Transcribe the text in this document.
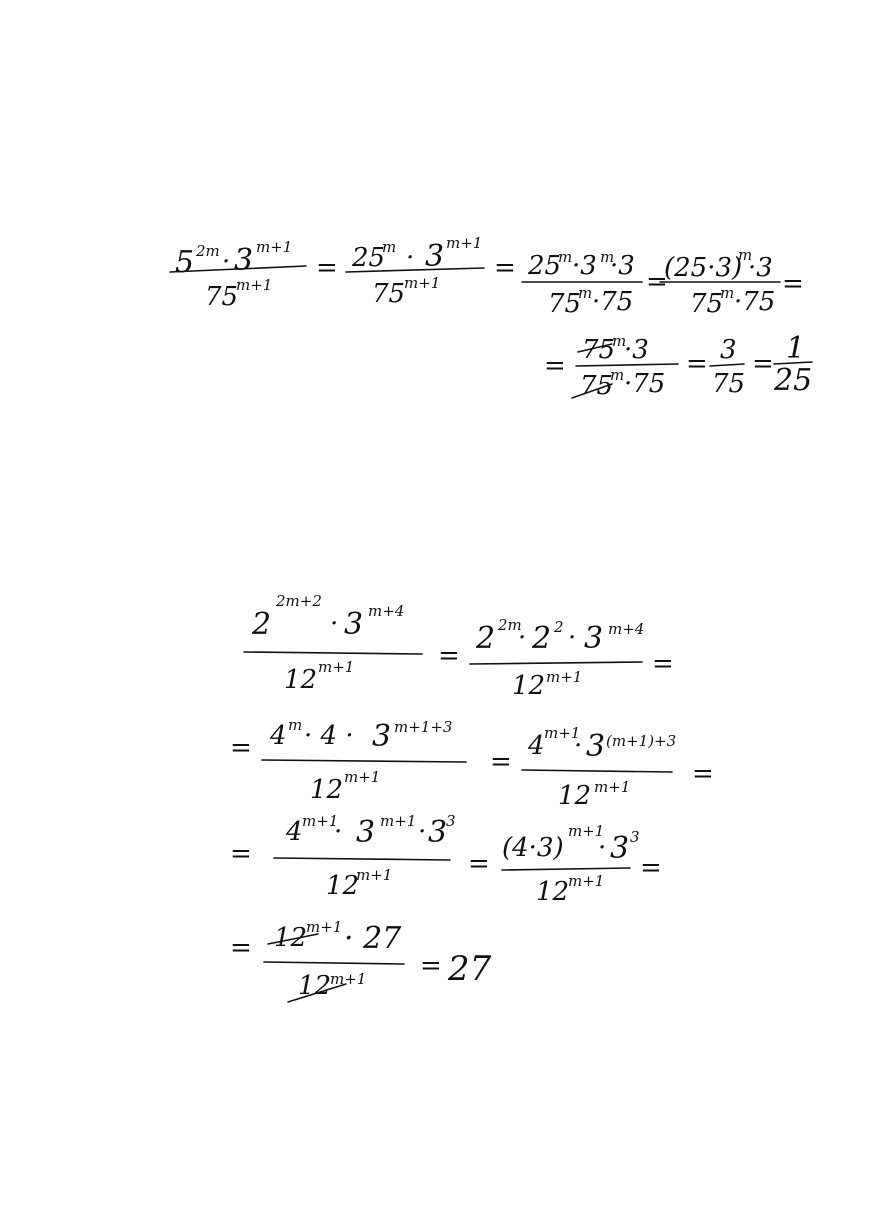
5 2m · 3 m+1
75
m+1
= 25
m · 3 m+1
75
m+1 = 25
m ·3 m
·3
75
m ·75
=
(25·3)
m
·3
75
m ·75
=
=
75
m
·3
75
m ·75
= 3
75
= 1
25
2
2m+2
· 3 m+4
12 m+1	= 2 2m
· 2 2 · 3 m+4
12 m+1	=
= 4 m · 4 · 3 m+1+3
12 m+1	=
4 m+1
· 3 (m+1)+3
12 m+1 =
=
4 m+1
· 3 m+1 · 3
3
12
m+1	=
(4·3)
m+1
· 3 3
12
m+1 =
= 12
m+1 · 27
12
m+1 = 27
